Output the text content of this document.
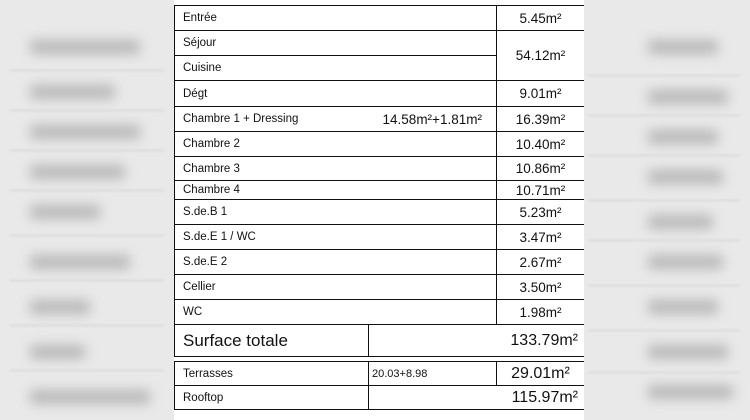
Entrée		5.45m²
Séjour		54.12m²
Cuisine		
Dégt		9.01m²
Chambre 1 + Dressing	14.58m²+1.81m²	16.39m²
Chambre 2		10.40m²
Chambre 3		10.86m²
Chambre 4		10.71m²
S.de.B 1		5.23m²
S.de.E 1 / WC		3.47m²
S.de.E 2		2.67m²
Cellier		3.50m²
WC		1.98m²
Surface totale	133.79m²	

Terrasses	20.03+8.98	29.01m²
Rooftop	115.97m²	
